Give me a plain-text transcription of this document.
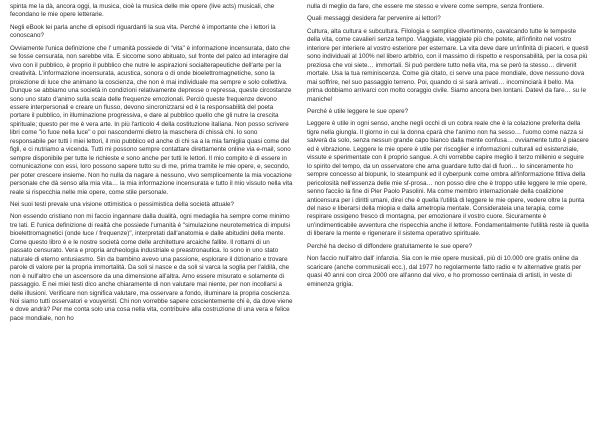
spinta me la dà, ancora oggi, la musica, cioè la musica delle mie opere (live acts) musicali, che fecondano le mie opere letterarie.

Negli eBook lei parla anche di episodi riguardanti la sua vita. Perché è importante che i lettori la conoscano?

Ovviamente l'unica definizione che l' umanità possiede di "vita" è informazione incensurata, dato che se fosse censurata, non sarebbe vita. E siccome sono abituato, sul fronte del palco ad interagire dal vivo con il pubblico, è proprio il pubblico che nutre le aspirazioni socialterapeutiche dell'arte per la creatività. L'informazione incensurata, acustica, sonora o di onde bioelettromagnetiche, sono la proiezione di luce che animano la coscienza, che non è mai individuale ma sempre e solo collettiva. Dunque se abbiamo una società in condizioni relativamente depresse o repressa, queste circostanze sono uno stato d'animo sulla scala delle frequenze emozionali. Perciò queste frequenze devono essere interpersonali e creare un flusso, devono sincronizzarsi ed è la responsabilità del poeta portare il pubblico, in illuminazione progressiva, e dare al pubblico quello che gli nutre la crescita spirituale; questo per me è vera arte. In più l'articolo 4 della costituzione italiana. Non posso scrivere libri come "io fuoe nella luce" o poi nascondermi dietro la maschera di chissà chi. Io sono responsabile per tutti i miei lettori, il mio pubblico ed anche di chi sa a la mia famiglia quasi come del figli, e ci nutriamo a vicenda. Tutti mi possono sempre contattare direttamente online via e-mail, sono sempre disponibile per tutte le richieste e sono anche per tutti le lettori. Il mio compito è di essere in comunicazione con essi, loro possono sapere tutto su di me, prima tramite le mie opere, e, secondo, per poter crescere insieme. Non ho nulla da nagare a nessuno, vivo semplicemente la mia vocazione personale che dà senso alla mia vita… la mia informazione incensurata e tutto il mio vissuto nella vita reale si rispecchia nelle mie opere, come stile personale.

Nei suoi testi prevale una visione ottimistica o pessimistica della società attuale?

Non essendo cristiano non mi faccio ingannare dalla dualità, ogni medaglia ha sempre come minimo tre lati. E l'unica definizione di realtà che possiede l'umanità è "simulazione neurotemetrica di impulsi bioelettromagnetici (onde luce / frequenze)", interpretati dall'anatomia e dalle abitudini della mente. Come questo libro è e le nostre società come delle architetture arcaiche fallite. Il rottami di un passato censurato. Vera e propria archeologia industriale e preastronautica. Io sono in uno stato naturale di eterno entusiasmo. Sin da bambino avevo una passione, esplorare il dizionario e trovare parole di valore per la propria immortalità. Da soli si nasce e da soli si varca la soglia per l'aldilà, che non è null'altro che un ascensore da una dimensione all'altra. Amo essere misurato e solamente di passaggio. E nei miei testi dico anche chiaramente di non valutare mai niente, per non incollarsi a delle illusioni. Verificare non significa valutare, ma osservare a fondo, illuminare la propria coscienza. Noi siamo tutti osservatori e vouyeristi. Chi non vorrebbe sapere coscientemente chi è, da dove viene e dove andrà? Per me conta solo una cosa nella vita, contribuire alla costruzione di una vera e felice pace mondiale, non ho

nulla di meglio da fare, che essere me stesso e vivere come sempre, senza frontiere.

Quali messaggi desidera far pervenire ai lettori?

Cultura, alta cultura e subcultura. Filologia e semplice divertimento, cavalcando tutte le tempeste della vita, come cavalieri senza tempo. Viaggiate, viaggiate più che potete, all'infinito nel vostro interiore per interiere al vostro esteriore per esternare. La vita deve dare un'infinità di piaceri, e questi sono individuali al 100% nel libero arbitrio, con il massimo di rispetto e responsabilità, per la cosa più preziosa che voi siete… immortali. Si può perdere tutto nella vita, ma se però la stesso… dirvenit mortale. Usa la tua reminiscenza. Come già citato, ci serve una pace mondiale, dove nessuno dova mai soffrire, nel suo passaggio terreno. Poi, quando ci si sarà arrivati… incominciarà il bello. Ma prima dobbiamo arrivarci con molto coraggio civile. Siamo ancora ben lontani. Datevi da fare… su le maniche!

Perché è utile leggere le sue opere?

Leggere è utile in ogni senso, anche negli occhi di un cobra reale che è la colazione preferita della tigre nella giungla. Il giorno in cui la donna cparà che l'animo non ha sesso… l'uomo come nazza si salverà da solo, senza nessun grande capo bianco dalla mente confusa… ovviamente tutto è piacere ed è vibrazione. Leggere le mie opere è utile per riscoglier e informazioni culturali ed esistenziale, vissute e sperimentate con il proprio sangue. A chi vorrebbe capire meglio il terzo millenio e seguire lo spirito del tempo, da un osservatore che ama guardare tutto dal di fuori… Io sinceramente ho sempre concesso al biopunk, lo steampunk ed il cyberpunk come ombra all'informazione fittiva della pericolosità nell'essenza delle mie sf-prosa… non posso dire che è troppo utile leggere le mie opere, senno facciio la fine di Pier Paolo Pasolini. Ma come membro internazionale della coalizione anticensura per i diritti umani, direi che è quella l'utilità di leggere le mie opere, vedere oltre la punta del naso e liberarsi della miopia e dalla ametropia mentale. Considerateia una terapia, come respirare ossigeno fresco di montagna, per emozionare il vostro cuore. Sicuramente è un'indimenticabile avventura che rispecchia anche il lettore. Fondamentalmente l'utilità reste ià quella di liberare la mente e rigenerare il sistema operativo spirituale.

Perché ha deciso di diffondere gratuitamente le sue opere?

Non faccio null'altro dall' infanzia. Sia con le mie opere musicali, più di 10.000 ore gratis online da scaricare (anche commusicali ecc.), dal 1977 ho regolarmente fatto radio e tv alternative gratis per quasi 40 anni con circa 2000 ore all'anno dal vivo, e ho promosso centinaia di artisti, in veste di eminenza grigia.
